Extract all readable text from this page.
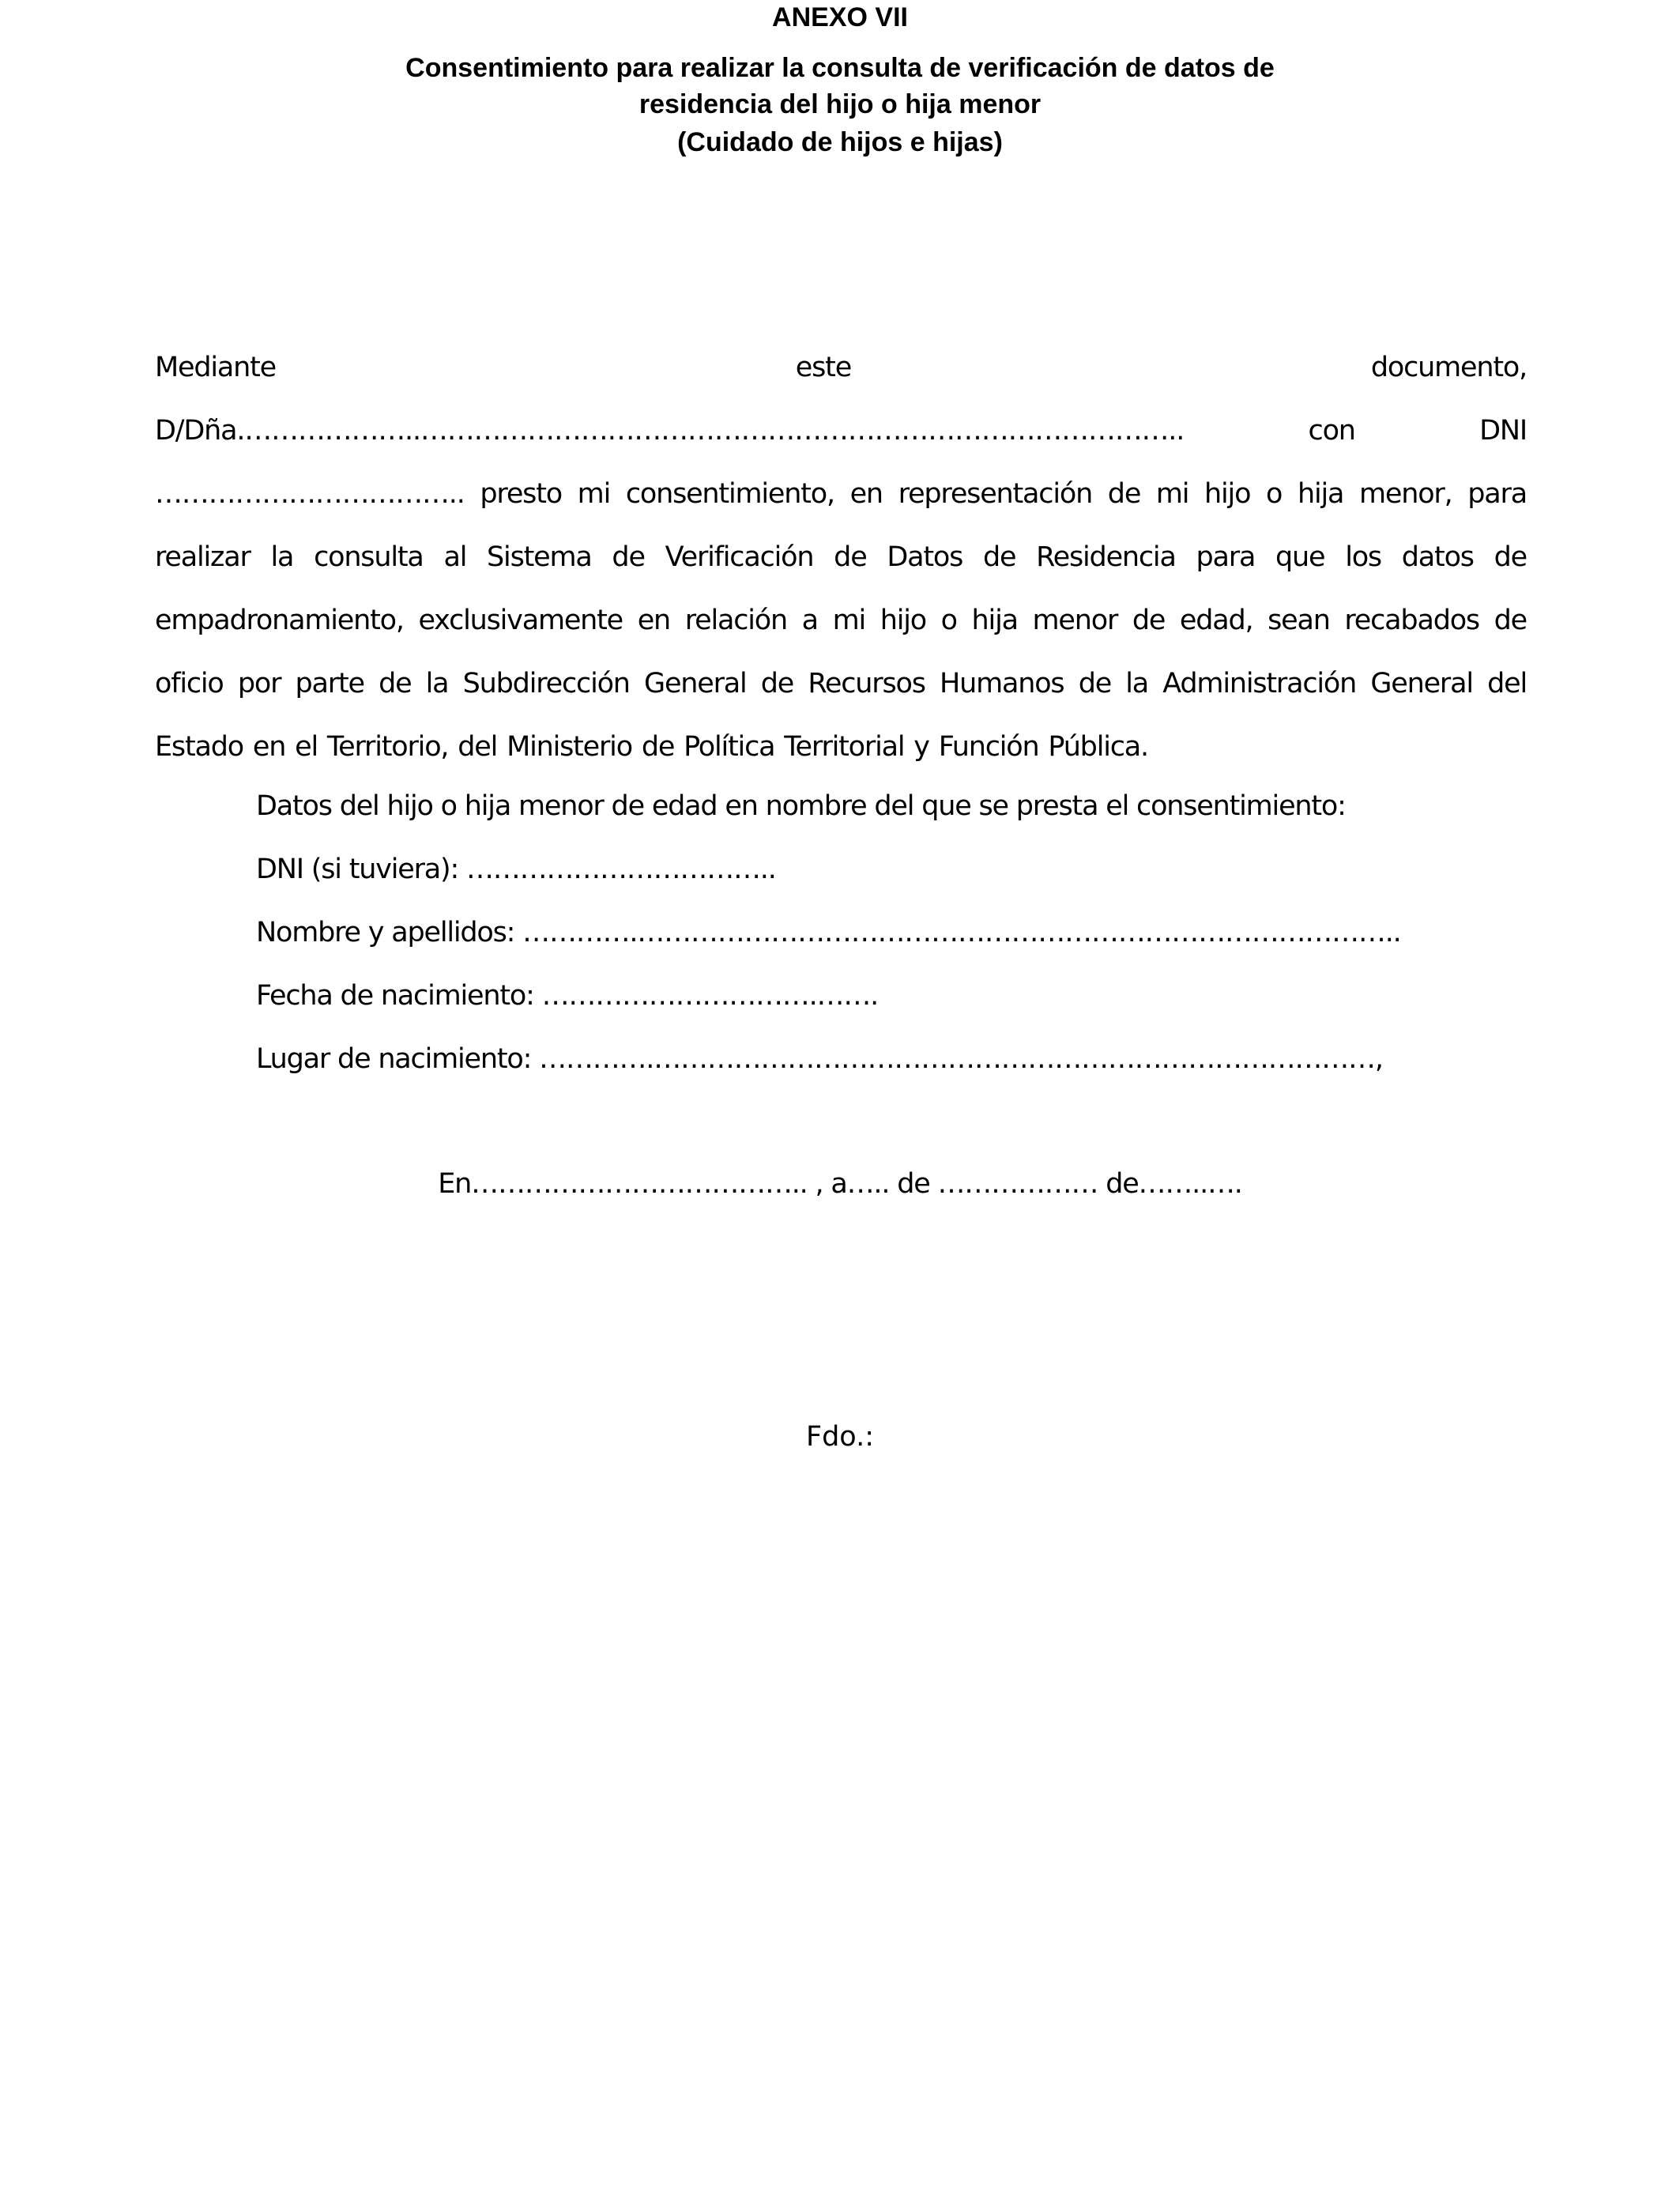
ANEXO VII
Consentimiento para realizar la consulta de verificación de datos de
residencia del hijo o hija menor
(Cuidado de hijos e hijas)
Mediante este documento, D/Dña.………………..………………………………………………………………………….. con DNI …………………………….. presto mi consentimiento, en representación de mi hijo o hija menor, para realizar la consulta al Sistema de Verificación de Datos de Residencia para que los datos de empadronamiento, exclusivamente en relación a mi hijo o hija menor de edad, sean recabados de oficio por parte de la Subdirección General de Recursos Humanos de la Administración General del Estado en el Territorio, del Ministerio de Política Territorial y Función Pública.
Datos del hijo o hija menor de edad en nombre del que se presta el consentimiento:
DNI (si tuviera): ……………………………..
Nombre y apellidos: ………….…………………………………………………………………………..
Fecha de nacimiento: ………………………….…….
Lugar de nacimiento: ………….………………………………………………………………………,
En……………………………….. , a….. de ……………… de……..….
Fdo.:
